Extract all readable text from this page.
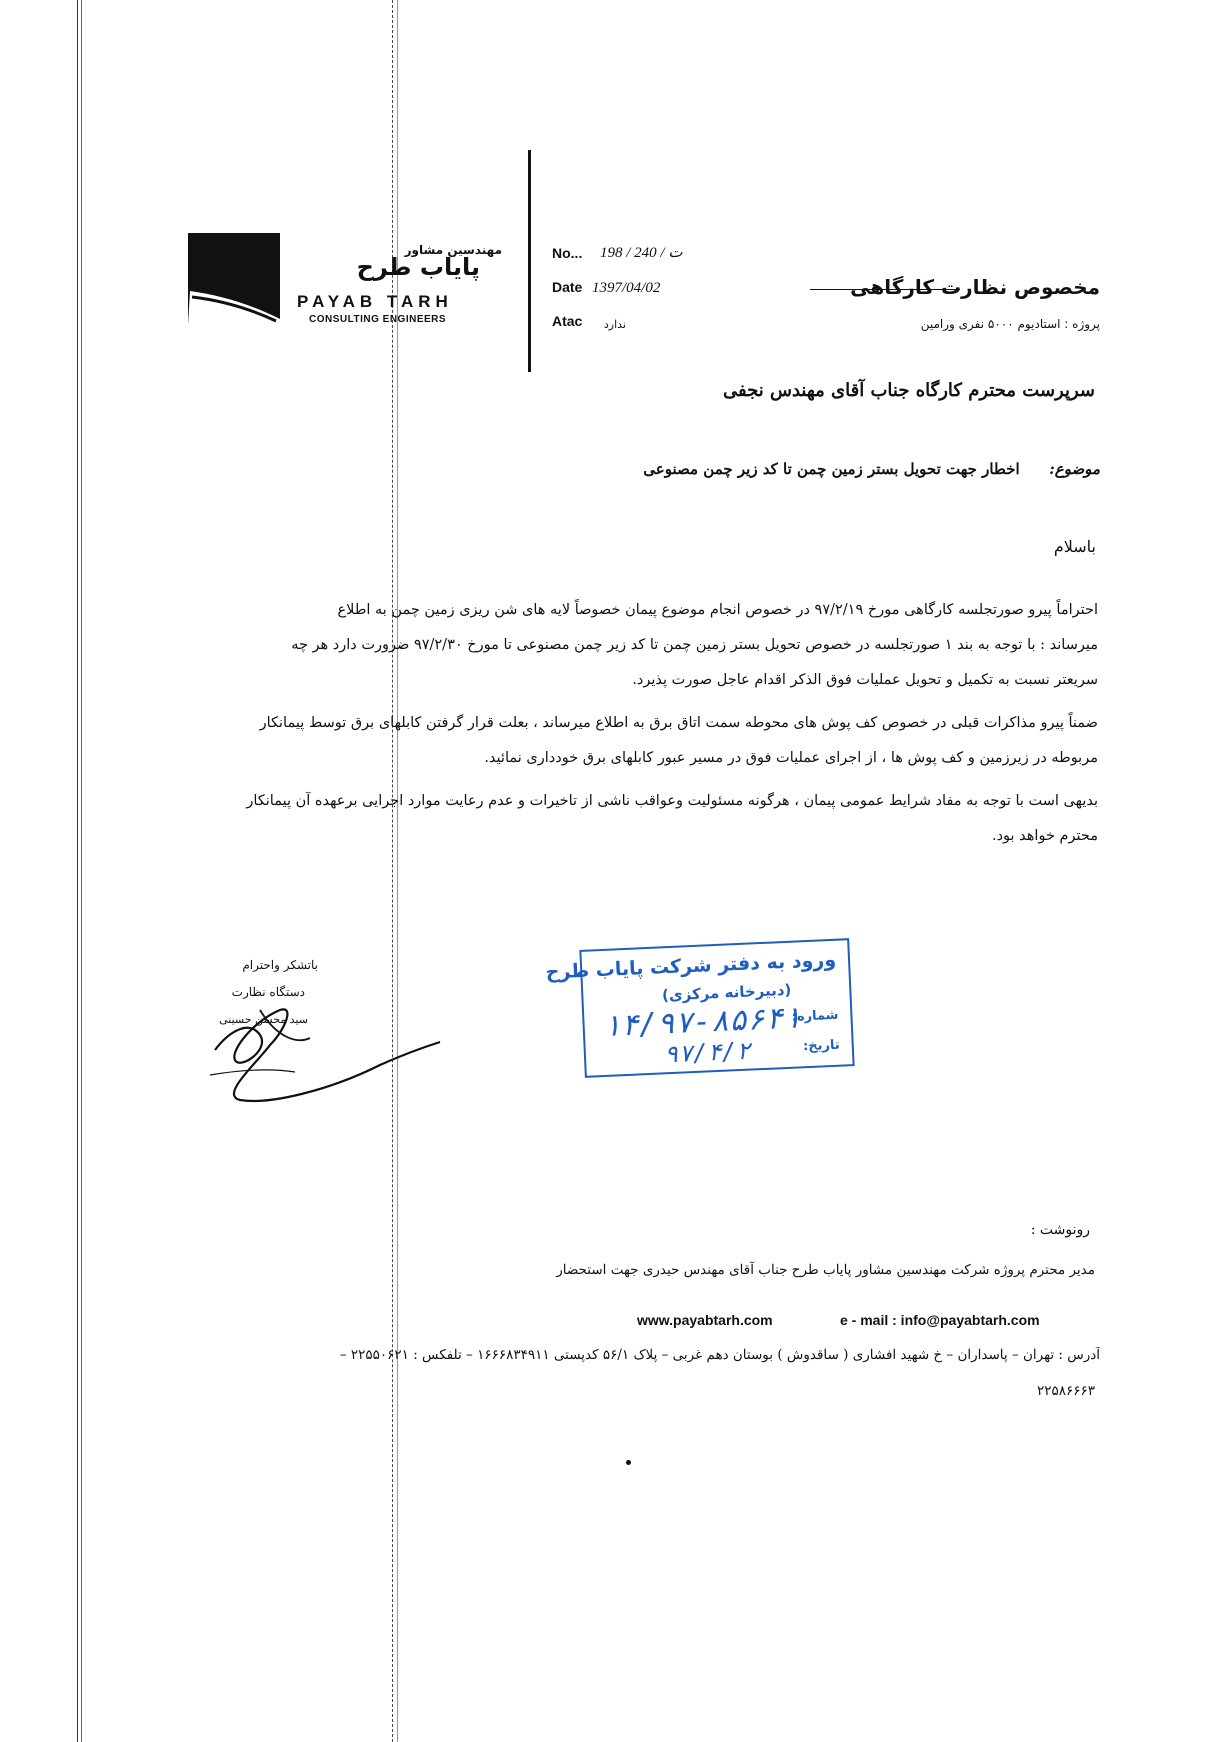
مهندسین مشاور
پایاب طرح
PAYAB TARH
CONSULTING ENGINEERS
No... 198 / ت / 240
Date 1397/04/02
Atac	ندارد
مخصوص نظارت کارگاهی
پروژه : استادیوم ۵۰۰۰ نفری ورامین
سرپرست محترم کارگاه جناب آقای مهندس نجفی
موضوع:  اخطار جهت تحویل بستر زمین چمن تا کد زیر چمن مصنوعی
باسلام
احتراماً پیرو صورتجلسه کارگاهی مورخ ۹۷/۲/۱۹ در خصوص انجام موضوع پیمان خصوصاً لایه های شن ریزی زمین چمن به اطلاع
میرساند : با توجه به بند ۱ صورتجلسه در خصوص تحویل بستر زمین چمن تا کد زیر چمن مصنوعی تا مورخ ۹۷/۲/۳۰ ضرورت دارد هر چه
سریعتر نسبت به تکمیل و تحویل عملیات فوق الذکر اقدام عاجل صورت پذیرد.
ضمناً پیرو مذاکرات قبلی در خصوص کف پوش های محوطه سمت اتاق برق به اطلاع میرساند ، بعلت قرار گرفتن کابلهای برق توسط پیمانکار
مربوطه در زیرزمین و کف پوش ها ، از اجرای عملیات فوق در مسیر عبور کابلهای برق خودداری نمائید.
بدیهی است با توجه به مفاد شرایط عمومی پیمان ، هرگونه مسئولیت وعواقب ناشی از تاخیرات و عدم رعایت موارد اجرایی برعهده آن پیمانکار
محترم خواهد بود.
باتشکر واحترام
دستگاه نظارت
سید محسن حسینی
ورود به دفتر شرکت پایاب طرح
(دبیرخانه مرکزی)
شماره:
۱۴/۹۷-۸۵۶۴۱
تاریخ:
۹۷/۴/۲
رونوشت :
مدیر محترم پروژه شرکت مهندسین مشاور پایاب طرح جناب آقای مهندس حیدری جهت استحضار
www.payabtarh.com	e - mail : info@payabtarh.com
آدرس : تهران – پاسداران – خ شهید افشاری ( ساقدوش ) بوستان دهم غربی – پلاک ۵۶/۱ کدپستی ۱۶۶۶۸۳۴۹۱۱ – تلفکس : ۲۲۵۵۰۶۲۱ –
۲۲۵۸۶۶۶۳
